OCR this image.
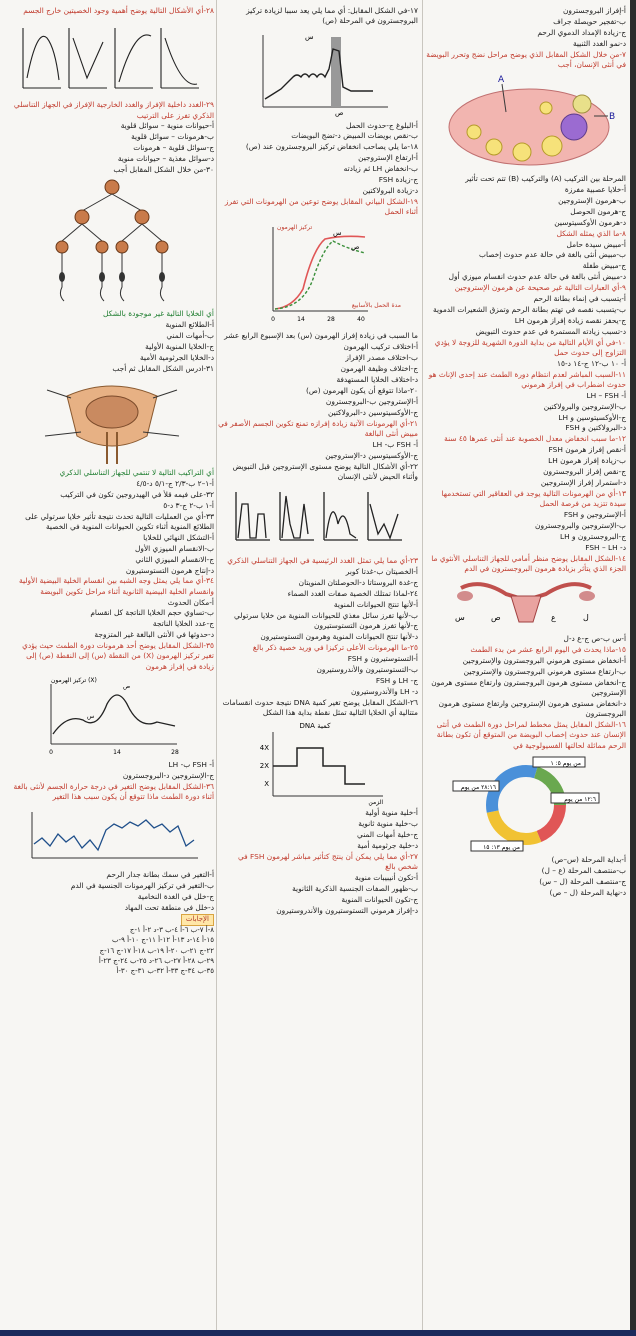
أ-إفراز البروجسترون

ب-تفجير حويصلة جراف

ج-زيادة الإمداد الدموي الرحم

د-نمو الغدد الثنيية

٧-من خلال الشكل المقابل الذي يوضح مراحل نضج وتحرر البويضة في أنثى الإنسان، أجب

A
B

المرحلة بين التركيب (A) والتركيب (B) تتم تحت تأثير

أ-خلايا عصبية مفرزة

ب-هرمون الإستروجين

ج-هرمون الحوصل

د-هرمون الأوكسيتوسين

٨-ما الذي يمثله الشكل

أ-مبيض سيدة حامل

ب-مبيض أنثى بالغة في حالة عدم حدوث إخصاب

ج-مبيض طفلة

د-مبيض أنثى بالغة في حالة عدم حدوث انقسام ميوزي أول

٩-أي العبارات التالية غير صحيحة عن هرمون الإستروجين

أ-يتسبب في إنماء بطانة الرحم

ب-يتسبب نقصه في تهتم بطانة الرحم وتمزق الشعيرات الدموية

ج-يحفز نقصه زيادة إفراز هرمون LH

د-تسبب زيادته المستمرة في عدم حدوث التبويض

١٠-في أي الأيام التالية من بداية الدورة الشهرية للزوجة لا يؤدي التزاوج إلى حدوث حمل

أ- ١٠ ب-١٢ ج-١٤ د-١٥

١١-السبب المباشر لعدم انتظام دورة الطمث عند إحدى الإناث هو حدوث اضطراب في إفراز هرموني

أ- LH – FSH

ب-الإستروجين والبرولاكتين

ج-الأوكسيتوسين و LH

د-البرولاكتين و FSH

١٢-ما سبب انخفاض معدل الخصوبة عند أنثى عمرها ٤٥ سنة

أ-نقص إفراز هرمون FSH

ب-زيادة إفراز هرمون LH

ج-نقص إفراز البروجسترون

د-استمرار إفراز الإستروجين

١٣-أي من الهرمونات التالية يوجد في العقاقير التي تستخدمها سيدة تتزيد من فرصة الحمل

أ-الإستروجين و FSH

ب-الإستروجين والبروجسترون

ج-البروجسترون و LH

د- FSH – LH

١٤-الشكل المقابل يوضح منظر أمامي للجهاز التناسلي الأنثوي ما الجزء الذي يتأثر بزيادة هرمون البروجسترون في الدم

س	ص	ع	ل

أ-س ب-ص ج-ع د-ل

١٥-ماذا يحدث في اليوم الرابع عشر من بدء الطمث

أ-انخفاض مستوى هرموني البروجسترون والإستروجين

ب-ارتفاع مستوى هرموني البروجسترون والإستروجين

ج-انخفاض مستوى هرمون البروجسترون وارتفاع مستوى هرمون الإستروجين

د-انخفاض مستوى هرمون الإستروجين وارتفاع مستوى هرمون البروجسترون

١٦-الشكل المقابل يمثل مخطط لمراحل دورة الطمث في أنثى الإنسان عند حدوث إخصاب البويضة من المتوقع أن تكون بطانة الرحم مماثلة لحالتها الفسيولوجية في

من يوم ٥: ١
١٢:٦ من يوم
٢٨:١٦ من يوم
من يوم ١٣: ١٥

أ-بداية المرحلة (س–ص)

ب-منتصف المرحلة (ع – ل)

ج-منتصف المرحلة (ل – س)

د-نهاية المرحلة (ل – ص)

١٧-في الشكل المقابل: أي مما يلي يعد سببا لزيادة تركيز البروجسترون في المرحلة (ص)

س
ص

أ-البلوغ ج-حدوث الحمل

ب-نقص بويضات المبيض د-تضج البويضات

١٨-ما يلي يصاحب انخفاض تركيز البروجسترون عند (ص)

أ-ارتفاع الإستروجين

ب-انخفاض LH ثم زيادته

ج-زيادة FSH

د-زيادة البرولاكتين

١٩-الشكل البياني المقابل يوضح توعين من الهرمونات التي تفرز أثناء الحمل

تركيز الهرمون
س
ص
0	14	28	40
مدة الحمل بالأسابيع

ما السبب في زيادة إفراز الهرمون (س) بعد الإسبوع الرابع عشر

أ-اختلاف تركيب الهرمون

ب-اختلاف مصدر الإفراز

ج-اختلاف وظيفة الهرمون

د-اختلاف الخلايا المستهدفة

٢٠-ماذا تتوقع أن يكون الهرمون (ص)

أ-الإستروجين ب-البروجسترون

ج-الأوكسيتوسين د-البرولاكتين

٢١-أي الهرمونات الآتية زيادة إفرازه تمنع تكوين الجسم الأصفر في مبيض أنثى البالغة

أ- FSH ب- LH

ج-الأوكسيتوسين د-الإستروجين

٢٢-أي الأشكال التالية يوضح مستوى الإستروجين قبل التبويض وأثناء الحيض لأنثى الإنسان

٢٣-أي مما يلي تمثل الغدد الرئيسية في الجهاز التناسلي الذكري

أ-الخصيتان ب-غدتا كوبر

ج-غدة البروستاتا د-الحوصلتان المنويتان

٢٤-لماذا تمتلك الخصية صفات الغدد الصماء

أ-لأنها تنتج الحيوانات المنوية

ب-لأنها تفرز سائل مغذي للحيوانات المنوية من خلايا سرتولي

ج-لأنها تفرز هرمون التستوستيرون

د-لأنها تنتج الحيوانات المنوية وهرمون التستوستيرون

٢٥-ما الهرمونات الأعلى تركيزا في ورید خصية ذكر بالغ

أ-التستوستيرون و FSH

ب-التستوستيرون والأندروستيرون

ج- LH و FSH

د- LH والأندروستيرون

٢٦-الشكل المقابل يوضح تغير كمية DNA نتيجة حدوث انقسامات متتالية أي الخلايا التالية تمثل نقطة بداية هذا الشكل

DNA كمية
4X
2X
X
الزمن

أ-خلية منوية أولية

ب-خلية منوية ثانوية

ج-خلية أمهات المني

د-خلية جرثومية أمية

٢٧-أي مما يلي يمكن أن ينتج كتأثير مباشر لهرمون FSH في شخص بالغ

أ-تكون أنيبيبات منوية

ب-ظهور الصفات الجنسية الذكرية الثانوية

ج-تكون الحيوانات المنوية

د-إفراز هرموني التستوستيرون والأندروستيرون

٢٨-أي الأشكال التالية يوضح أهمية وجود الخصيتين خارج الجسم

٢٩-الغدد داخلية الإفراز والغدد الخارجية الإفراز في الجهاز التناسلي الذكري تفرز على الترتيب

أ-حيوانات منوية – سوائل قلوية

ب-هرمونات – سوائل قلوية

ج-سوائل قلوية – هرمونات

د-سوائل مغذية – حيوانات منوية

٣٠-من خلال الشكل المقابل أجب

أي الخلايا التالية غير موجودة بالشكل

أ-الطلائع المنوية

ب-أمهات المني

ج-الخلايا المنوية الأولية

د-الخلايا الجرثومية الأمية

٣١-ادرس الشكل المقابل ثم أجب

أي التراكيب التالية لا تنتمي للجهاز التناسلي الذكري

أ-١–٢ ب-٢/٣ ج-٥/١ د-٤/٥

٣٢-على فيمه قلأ في الهيدروجين تكون في التركيب

أ-١ ب-٢ ج-٣ د-٥

٣٣-أي من العمليات التالية تحدث نتيجة تأثير خلايا سرتولي على الطلائع المنوية أثناء تكوين الحيوانات المنوية في الخصية

أ-التشكل النهائي للخلايا

ب-الانقسام الميوزي الأول

ج-الانقسام الميوزي الثاني

د-إنتاج هرمون التستوستيرون

٣٤-أي مما يلي يمثل وجه الشبه بين انقسام الخلية البيضية الأولية وانقسام الخلية البيضية الثانوية أثناء مراحل تكوين البويضة

أ-مكان الحدوث

ب-تساوي حجم الخلايا الناتجة كل انقسام

ج-عدد الخلايا الناتجة

د-حدوثها في الأنثى البالغة غير المتزوجة

٣٥-الشكل المقابل يوضح أحد هرمونات دورة الطمث حيث يؤدي تغير تركيز الهرمون (X) من النقطة (س) إلى النقطة (ص) إلى زيادة في إفراز هرمون

تركيز الهرمون (X)
0	14	28
س
ص

أ- FSH ب- LH

ج-الإستروجين د-البروجسترون

٣٦-الشكل المقابل يوضح التغير في درجة حرارة الجسم لأنثى بالغة أثناء دورة الطمث ماذا تتوقع أن يكون سبب هذا التغير

أ-التغير في سمك بطانة جدار الرحم

ب-التغير في تركيز الهرمونات الجنسية في الدم

ج-خلل في الغدة النخامية

د-خلل في منطقة تحت المهاد

الإجابات

٨-أ ٧-ب ٦-أ ٤-ب ٣-د ٢-أ ١-ج

١٥-أ ١٤-د ١٣-أ ١٢-أ ١١-ج ١٠-أ ٩-ب

٢٢-ج ٢١-ب ٢٠-أ ١٩-ب ١٨-أ ١٧-ج ١٦-ج

٢٩-ب ٢٨-أ ٢٧-ب ٢٦-د ٢٥-ب ٢٤-ج ٢٣-أ

٣٥-ب ٣٤-ج ٣٣-أ ٣٢-ب ٣١-ج ٣٠-أ
